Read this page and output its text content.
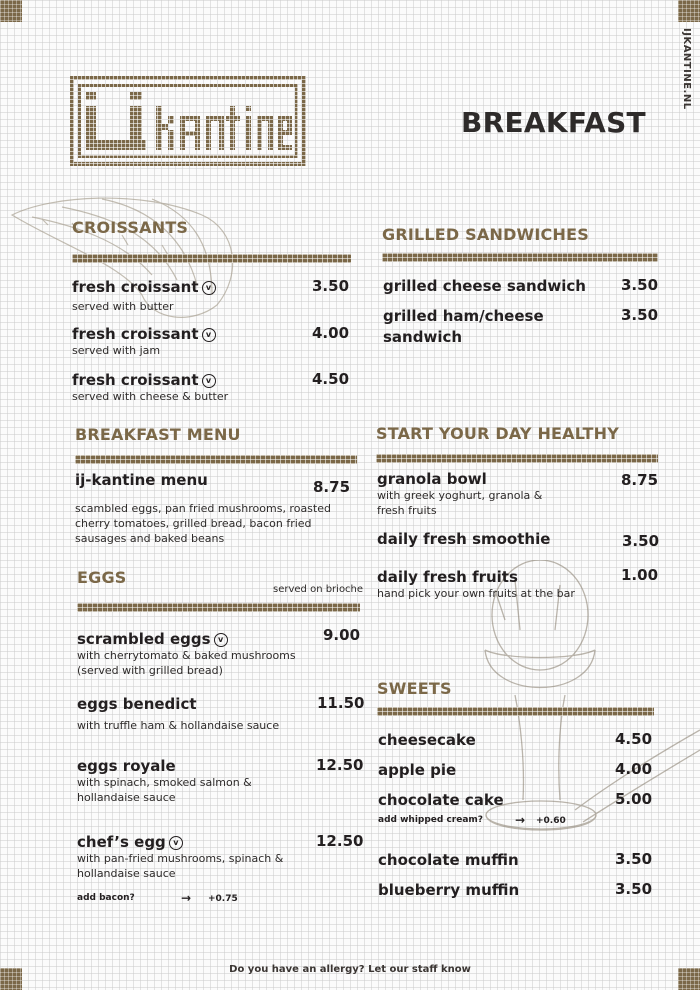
IJKANTINE.NL
BREAKFAST
CROISSANTS
fresh croissant v
served with butter
3.50
fresh croissant v
served with jam
4.00
fresh croissant v
served with cheese & butter
4.50
BREAKFAST MENU
ij-kantine menu
scambled eggs, pan fried mushrooms, roasted cherry tomatoes, grilled bread, bacon fried sausages and baked beans
8.75
EGGS
served on brioche
scrambled eggs v
with cherrytomato & baked mushrooms (served with grilled bread)
9.00
eggs benedict
with truffle ham & hollandaise sauce
11.50
eggs royale
with spinach, smoked salmon & hollandaise sauce
12.50
chef’s egg v
with pan-fried mushrooms, spinach & hollandaise sauce
12.50
add bacon?	→ +0.75
GRILLED SANDWICHES
grilled cheese sandwich 3.50
grilled ham/cheese sandwich
3.50
START YOUR DAY HEALTHY
granola bowl
with greek yoghurt, granola & fresh fruits
8.75
daily fresh smoothie	3.50
daily fresh fruits
hand pick your own fruits at the bar
1.00
SWEETS
cheesecake	4.50
apple pie	4.00
chocolate cake	5.00
add whipped cream?	→ +0.60
chocolate muffin	3.50
blueberry muffin	3.50
Do you have an allergy? Let our staff know
